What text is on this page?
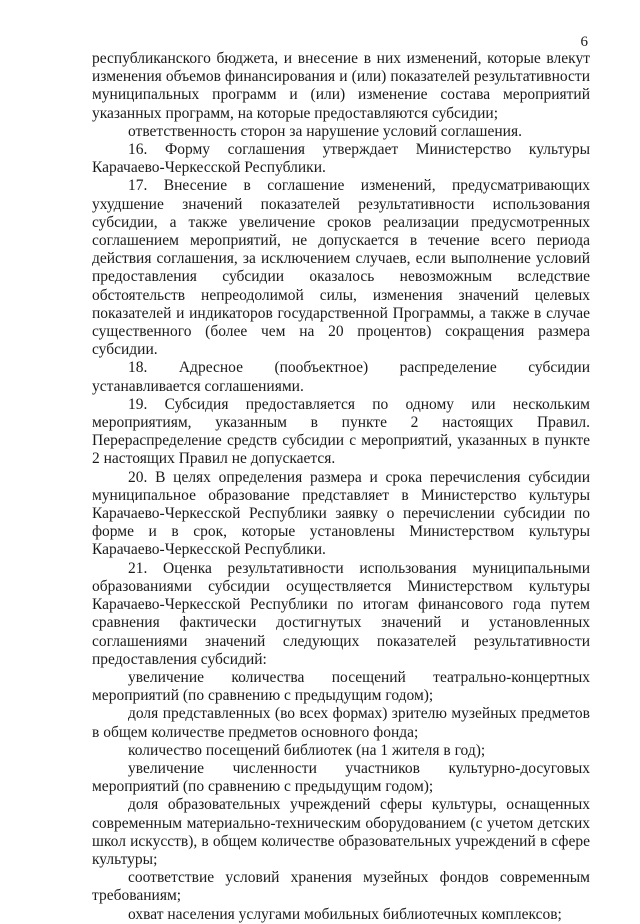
6

республиканского бюджета, и внесение в них изменений, которые влекут изменения объемов финансирования и (или) показателей результативности муниципальных программ и (или) изменение состава мероприятий указанных программ, на которые предоставляются субсидии;

ответственность сторон за нарушение условий соглашения.

16. Форму соглашения утверждает Министерство культуры Карачаево-Черкесской Республики.

17. Внесение в соглашение изменений, предусматривающих ухудшение значений показателей результативности использования субсидии, а также увеличение сроков реализации предусмотренных соглашением мероприятий, не допускается в течение всего периода действия соглашения, за исключением случаев, если выполнение условий предоставления субсидии оказалось невозможным вследствие обстоятельств непреодолимой силы, изменения значений целевых показателей и индикаторов государственной Программы, а также в случае существенного (более чем на 20 процентов) сокращения размера субсидии.

18. Адресное (пообъектное) распределение субсидии устанавливается соглашениями.

19. Субсидия предоставляется по одному или нескольким мероприятиям, указанным в пункте 2 настоящих Правил. Перераспределение средств субсидии с мероприятий, указанных в пункте 2 настоящих Правил не допускается.

20. В целях определения размера и срока перечисления субсидии муниципальное образование представляет в Министерство культуры Карачаево-Черкесской Республики заявку о перечислении субсидии по форме и в срок, которые установлены Министерством культуры Карачаево-Черкесской Республики.

21. Оценка результативности использования муниципальными образованиями субсидии осуществляется Министерством культуры Карачаево-Черкесской Республики по итогам финансового года путем сравнения фактически достигнутых значений и установленных соглашениями значений следующих показателей результативности предоставления субсидий:

увеличение количества посещений театрально-концертных мероприятий (по сравнению с предыдущим годом);

доля представленных (во всех формах) зрителю музейных предметов в общем количестве предметов основного фонда;

количество посещений библиотек (на 1 жителя в год);

увеличение численности участников культурно-досуговых мероприятий (по сравнению с предыдущим годом);

доля образовательных учреждений сферы культуры, оснащенных современным материально-техническим оборудованием (с учетом детских школ искусств), в общем количестве образовательных учреждений в сфере культуры;

соответствие условий хранения музейных фондов современным требованиям;

охват населения услугами мобильных библиотечных комплексов;
